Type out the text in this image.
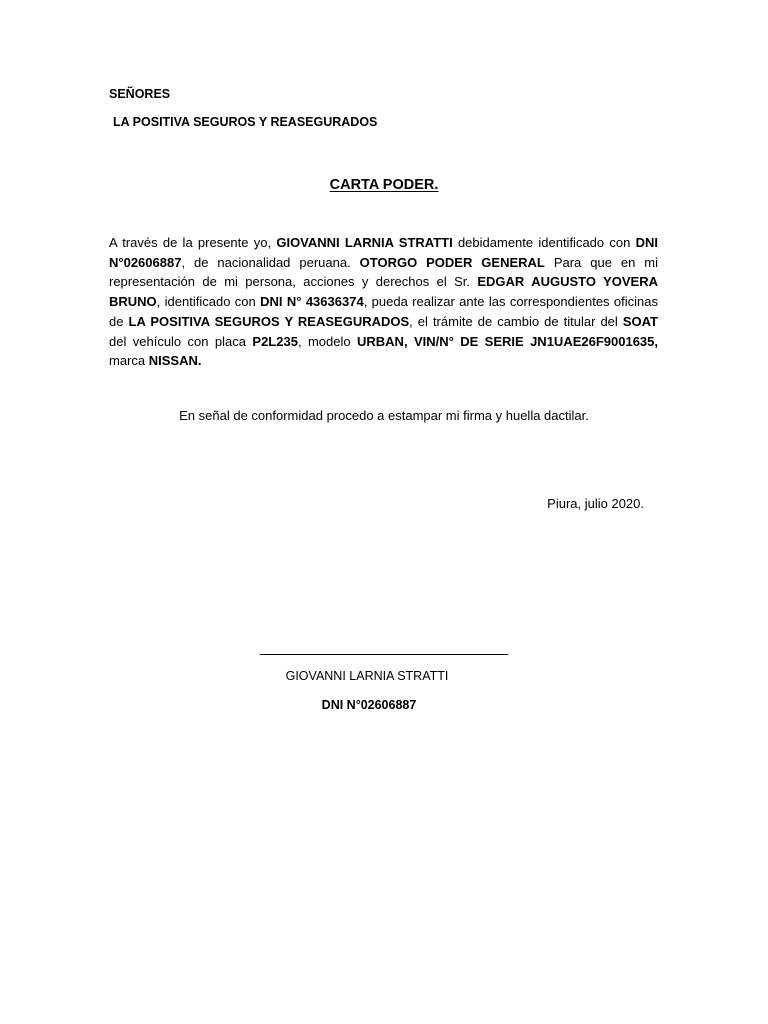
SEÑORES
LA POSITIVA SEGUROS Y REASEGURADOS
CARTA PODER.
A través de la presente yo, GIOVANNI LARNIA STRATTI debidamente identificado con DNI N°02606887, de nacionalidad peruana. OTORGO PODER GENERAL Para que en mi representación de mi persona, acciones y derechos el Sr. EDGAR AUGUSTO YOVERA BRUNO, identificado con DNI N° 43636374, pueda realizar ante las correspondientes oficinas de LA POSITIVA SEGUROS Y REASEGURADOS, el trámite de cambio de titular del SOAT del vehículo con placa P2L235, modelo URBAN, VIN/N° DE SERIE JN1UAE26F9001635, marca NISSAN.
En señal de conformidad procedo a estampar mi firma y huella dactilar.
Piura, julio 2020.
GIOVANNI LARNIA STRATTI
DNI N°02606887
